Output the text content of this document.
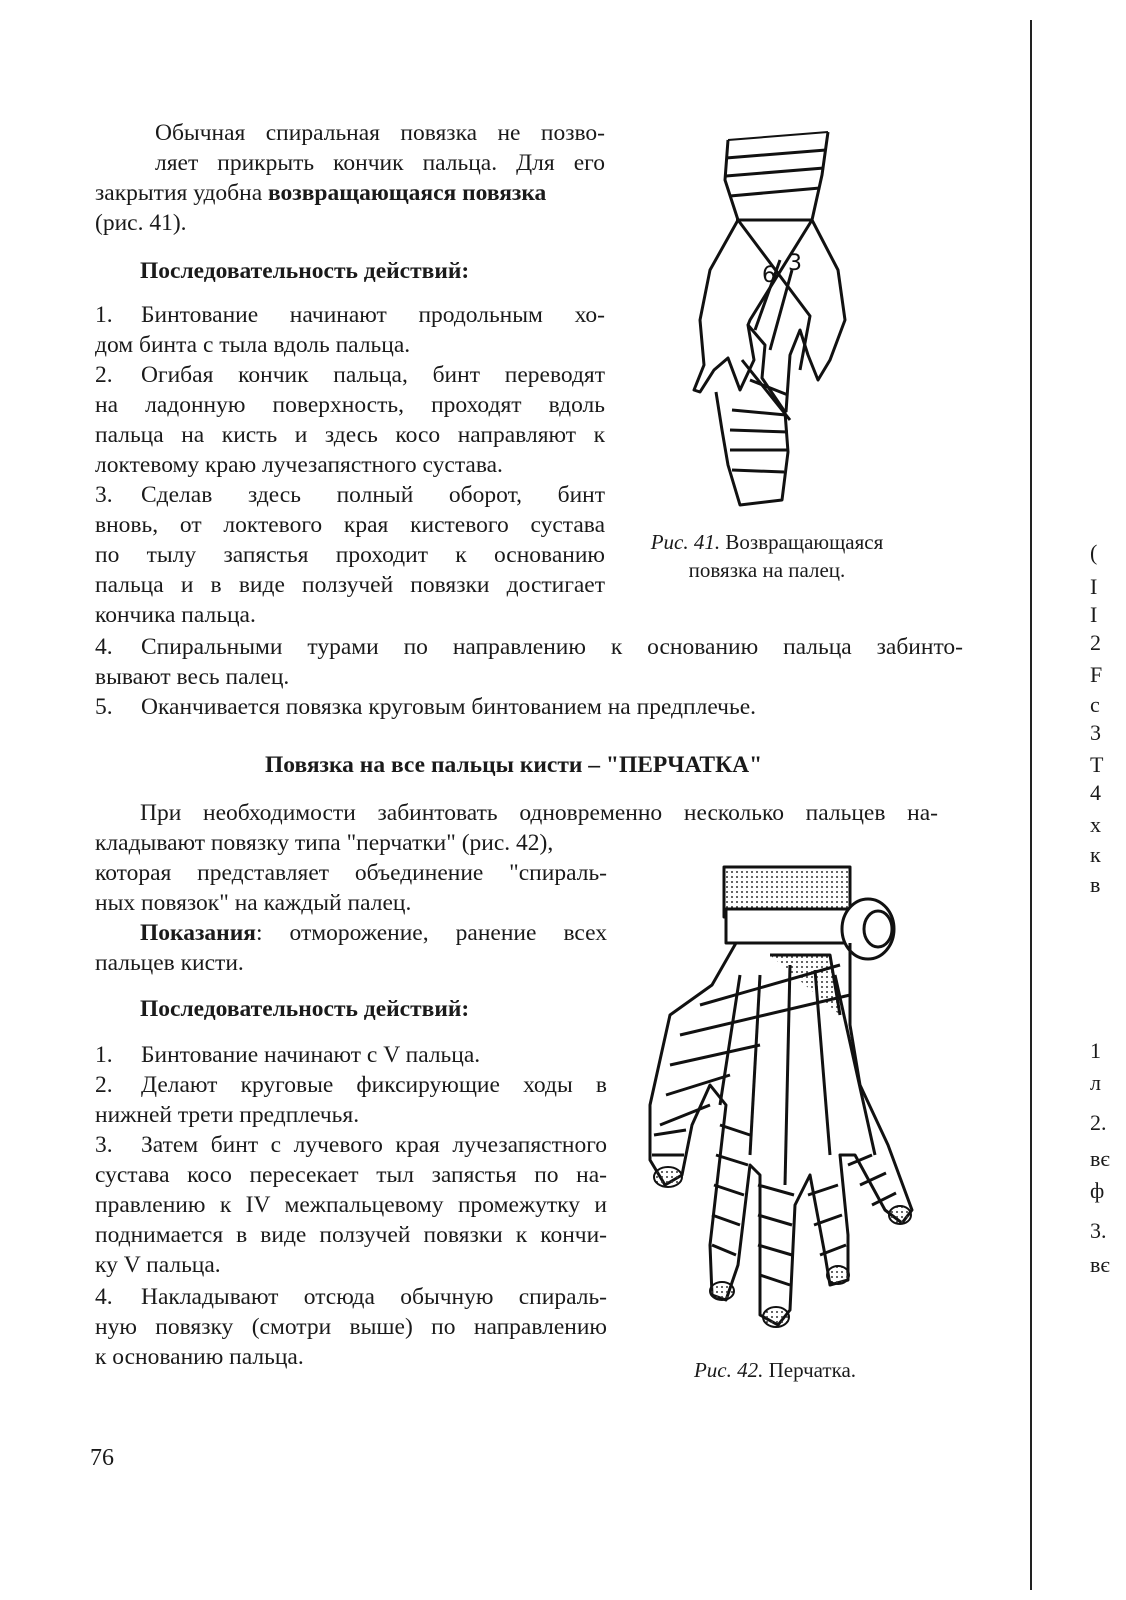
Обычная спиральная повязка не позво-
ляет прикрыть кончик пальца. Для его
закрытия удобна возвращающаяся повязка
(рис. 41).
Последовательность действий:
1. Бинтование начинают продольным хо-
дом бинта с тыла вдоль пальца.
2. Огибая кончик пальца, бинт переводят
на ладонную поверхность, проходят вдоль
пальца на кисть и здесь косо направляют к
локтевому краю лучезапястного сустава.
3. Сделав здесь полный оборот, бинт
вновь, от локтевого края кистевого сустава
по тылу запястья проходит к основанию
пальца и в виде ползучей повязки достигает
кончика пальца.
4. Спиральными турами по направлению к основанию пальца забинто-
вывают весь палец.
5. Оканчивается повязка круговым бинтованием на предплечье.
6 3
Рис. 41. Возвращающаяся
повязка на палец.
Повязка на все пальцы кисти – "ПЕРЧАТКА"
При необходимости забинтовать одновременно несколько пальцев на-
кладывают повязку типа "перчатки" (рис. 42),
которая представляет объединение "спираль-
ных повязок" на каждый палец.
Показания: отморожение, ранение всех
пальцев кисти.
Последовательность действий:
1. Бинтование начинают с V пальца.
2. Делают круговые фиксирующие ходы в
нижней трети предплечья.
3. Затем бинт с лучевого края лучезапястного
сустава косо пересекает тыл запястья по на-
правлению к IV межпальцевому промежутку и
поднимается в виде ползучей повязки к кончи-
ку V пальца.
4. Накладывают отсюда обычную спираль-
ную повязку (смотри выше) по направлению
к основанию пальца.	Рис. 42. Перчатка.
(
I
I
2
F
c
3
T
4
x
к
в
1
л
2.
вє
ф
3.
вє
76
